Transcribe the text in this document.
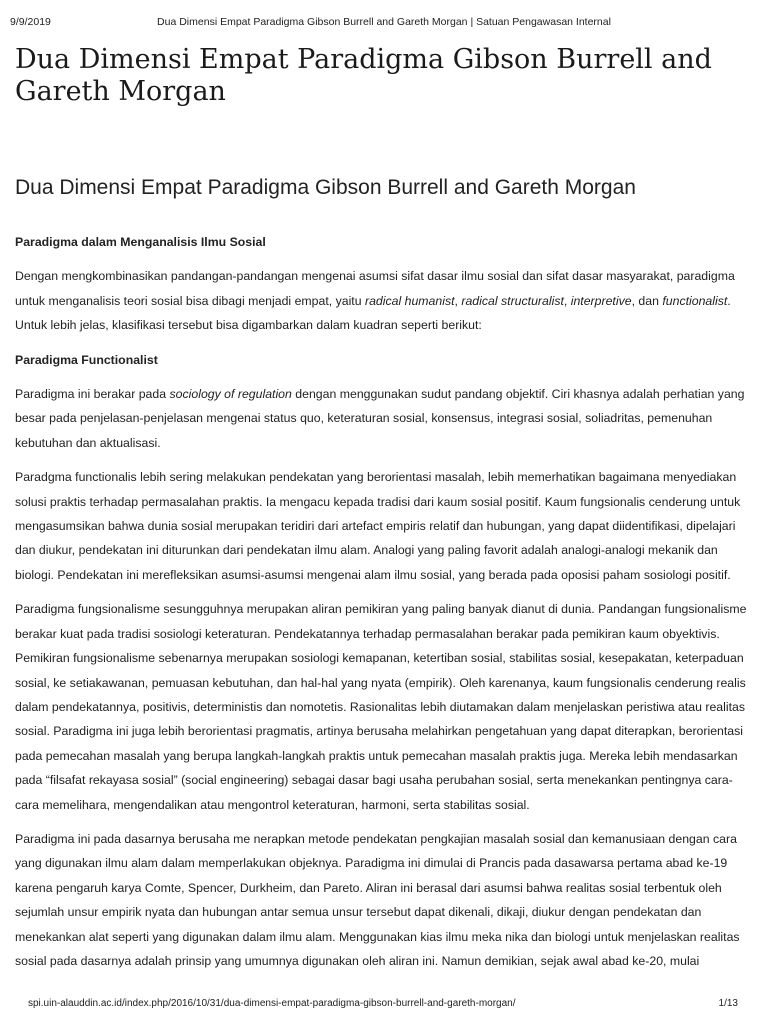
9/9/2019	Dua Dimensi Empat Paradigma Gibson Burrell and Gareth Morgan | Satuan Pengawasan Internal
Dua Dimensi Empat Paradigma Gibson Burrell and Gareth Morgan
Dua Dimensi Empat Paradigma Gibson Burrell and Gareth Morgan

Paradigma dalam Menganalisis Ilmu Sosial

Dengan mengkombinasikan pandangan-pandangan mengenai asumsi sifat dasar ilmu sosial dan sifat dasar masyarakat, paradigma untuk menganalisis teori sosial bisa dibagi menjadi empat, yaitu radical humanist, radical structuralist, interpretive, dan functionalist. Untuk lebih jelas, klasifikasi tersebut bisa digambarkan dalam kuadran seperti berikut:

Paradigma Functionalist

Paradigma ini berakar pada sociology of regulation dengan menggunakan sudut pandang objektif. Ciri khasnya adalah perhatian yang besar pada penjelasan-penjelasan mengenai status quo, keteraturan sosial, konsensus, integrasi sosial, soliadritas, pemenuhan kebutuhan dan aktualisasi.

Paradgma functionalis lebih sering melakukan pendekatan yang berorientasi masalah, lebih memerhatikan bagaimana menyediakan solusi praktis terhadap permasalahan praktis. Ia mengacu kepada tradisi dari kaum sosial positif. Kaum fungsionalis cenderung untuk mengasumsikan bahwa dunia sosial merupakan teridiri dari artefact empiris relatif dan hubungan, yang dapat diidentifikasi, dipelajari dan diukur, pendekatan ini diturunkan dari pendekatan ilmu alam. Analogi yang paling favorit adalah analogi-analogi mekanik dan biologi. Pendekatan ini merefleksikan asumsi-asumsi mengenai alam ilmu sosial, yang berada pada oposisi paham sosiologi positif.

Paradigma fungsionalisme sesungguhnya merupakan aliran pemikiran yang paling banyak dianut di dunia. Pandangan fungsionalisme berakar kuat pada tradisi sosiologi keteraturan. Pendekatannya terhadap permasalahan berakar pada pemikiran kaum obyektivis. Pemikiran fungsionalisme sebenarnya merupakan sosiologi kemapanan, ketertiban sosial, stabilitas sosial, kesepakatan, keterpaduan sosial, ke setiakawanan, pemuasan kebutuhan, dan hal-hal yang nyata (empirik). Oleh karenanya, kaum fungsionalis cenderung realis dalam pendekatannya, positivis, deterministis dan nomotetis. Rasionalitas lebih diutamakan dalam menjelaskan peristiwa atau realitas sosial. Paradigma ini juga lebih berorientasi pragmatis, artinya berusaha melahirkan pengetahuan yang dapat diterapkan, berorientasi pada pemecahan masalah yang berupa langkah-langkah praktis untuk pemecahan masalah praktis juga. Mereka lebih mendasarkan pada “filsafat rekayasa sosial” (social engineering) sebagai dasar bagi usaha perubahan sosial, serta menekankan pentingnya cara-cara memelihara, mengendalikan atau mengontrol keteraturan, harmoni, serta stabilitas sosial.

Paradigma ini pada dasarnya berusaha me nerapkan metode pendekatan pengkajian masalah sosial dan kemanusiaan dengan cara yang digunakan ilmu alam dalam memperlakukan objeknya. Paradigma ini dimulai di Prancis pada dasawarsa pertama abad ke-19 karena pengaruh karya Comte, Spencer, Durkheim, dan Pareto. Aliran ini berasal dari asumsi bahwa realitas sosial terbentuk oleh sejumlah unsur empirik nyata dan hubungan antar semua unsur tersebut dapat dikenali, dikaji, diukur dengan pendekatan dan menekankan alat seperti yang digunakan dalam ilmu alam. Menggunakan kias ilmu meka nika dan biologi untuk menjelaskan realitas sosial pada dasarnya adalah prinsip yang umumnya digunakan oleh aliran ini. Namun demikian, sejak awal abad ke-20, mulai

spi.uin-alauddin.ac.id/index.php/2016/10/31/dua-dimensi-empat-paradigma-gibson-burrell-and-gareth-morgan/	1/13
